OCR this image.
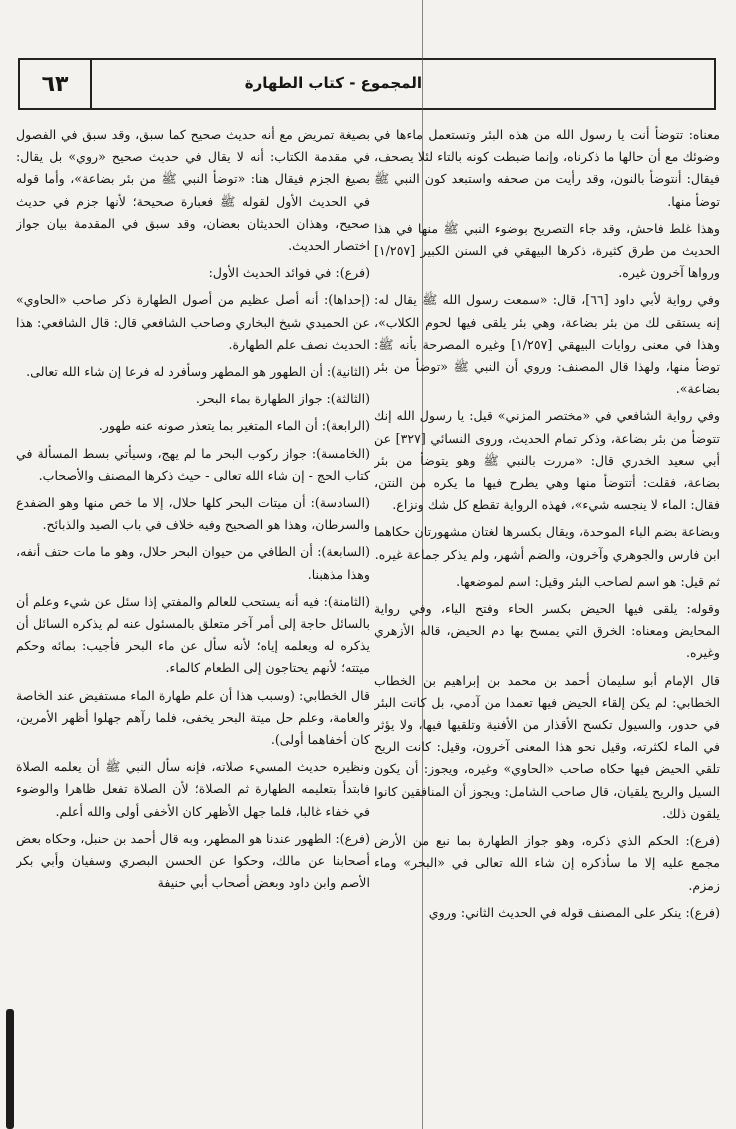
٦٣	المجموع - كتاب الطهارة

معناه: تتوضأ أنت يا رسول الله من هذه البئر وتستعمل ماءها في وضوئك مع أن حالها ما ذكرناه، وإنما ضبطت كونه بالتاء لئلا يصحف، فيقال: أنتوضأ بالنون، وقد رأيت من صحفه واستبعد كون النبي ﷺ توضأ منها.

وهذا غلط فاحش، وقد جاء التصريح بوضوء النبي ﷺ منها في هذا الحديث من طرق كثيرة، ذكرها البيهقي في السنن الكبير [١/٢٥٧] ورواها آخرون غيره.

وفي رواية لأبي داود [٦٦]، قال: «سمعت رسول الله ﷺ يقال له: إنه يستقى لك من بئر بضاعة، وهي بئر يلقى فيها لحوم الكلاب»، وهذا في معنى روايات البيهقي [١/٢٥٧] وغيره المصرحة بأنه ﷺ: توضأ منها، ولهذا قال المصنف: وروي أن النبي ﷺ «توضأ من بئر بضاعة».

وفي رواية الشافعي في «مختصر المزني» قيل: يا رسول الله إنك تتوضأ من بئر بضاعة، وذكر تمام الحديث، وروى النسائي [٣٢٧] عن أبي سعيد الخدري قال: «مررت بالنبي ﷺ وهو يتوضأ من بئر بضاعة، فقلت: أتتوضأ منها وهي يطرح فيها ما يكره من النتن، فقال: الماء لا ينجسه شيء»، فهذه الرواية تقطع كل شك ونزاع.

وبضاعة بضم الباء الموحدة، ويقال بكسرها لغتان مشهورتان حكاهما ابن فارس والجوهري وآخرون، والضم أشهر، ولم يذكر جماعة غيره.

ثم قيل: هو اسم لصاحب البئر وقيل: اسم لموضعها.

وقوله: يلقى فيها الحيض بكسر الحاء وفتح الياء، وفي رواية المحايض ومعناه: الخرق التي يمسح بها دم الحيض، قاله الأزهري وغيره.

قال الإمام أبو سليمان أحمد بن محمد بن إبراهيم بن الخطاب الخطابي: لم يكن إلقاء الحيض فيها تعمدا من آدمي، بل كانت البئر في حدور، والسيول تكسح الأقذار من الأفنية وتلقيها فيها، ولا يؤثر في الماء لكثرته، وقيل نحو هذا المعنى آخرون، وقيل: كانت الريح تلقي الحيض فيها حكاه صاحب «الحاوي» وغيره، ويجوز: أن يكون السيل والريح يلقيان، قال صاحب الشامل: ويجوز أن المنافقين كانوا يلقون ذلك.

(فرع): الحكم الذي ذكره، وهو جواز الطهارة بما نبع من الأرض مجمع عليه إلا ما سأذكره إن شاء الله تعالى في «البحر» وماء زمزم.

(فرع): ينكر على المصنف قوله في الحديث الثاني: وروي

بصيغة تمريض مع أنه حديث صحيح كما سبق، وقد سبق في الفصول في مقدمة الكتاب: أنه لا يقال في حديث صحيح «روي» بل يقال: بصيغ الجزم فيقال هنا: «توضأ النبي ﷺ من بئر بضاعة»، وأما قوله في الحديث الأول لقوله ﷺ فعبارة صحيحة؛ لأنها جزم في حديث صحيح، وهذان الحديثان بعضان، وقد سبق في المقدمة بيان جواز اختصار الحديث.

(فرع): في فوائد الحديث الأول:

(إحداها): أنه أصل عظيم من أصول الطهارة ذكر صاحب «الحاوي» عن الحميدي شيخ البخاري وصاحب الشافعي قال: قال الشافعي: هذا الحديث نصف علم الطهارة.

(الثانية): أن الطهور هو المطهر وسأفرد له فرعا إن شاء الله تعالى.

(الثالثة): جواز الطهارة بماء البحر.

(الرابعة): أن الماء المتغير بما يتعذر صونه عنه طهور.

(الخامسة): جواز ركوب البحر ما لم يهج، وسيأتي بسط المسألة في كتاب الحج - إن شاء الله تعالى - حيث ذكرها المصنف والأصحاب.

(السادسة): أن ميتات البحر كلها حلال، إلا ما خص منها وهو الضفدع والسرطان، وهذا هو الصحيح وفيه خلاف في باب الصيد والذبائح.

(السابعة): أن الطافي من حيوان البحر حلال، وهو ما مات حتف أنفه، وهذا مذهبنا.

(الثامنة): فيه أنه يستحب للعالم والمفتي إذا سئل عن شيء وعلم أن بالسائل حاجة إلى أمر آخر متعلق بالمسئول عنه لم يذكره السائل أن يذكره له ويعلمه إياه؛ لأنه سأل عن ماء البحر فأجيب: بمائه وحكم ميتته؛ لأنهم يحتاجون إلى الطعام كالماء.

قال الخطابي: (وسبب هذا أن علم طهارة الماء مستفيض عند الخاصة والعامة، وعلم حل ميتة البحر يخفى، فلما رآهم جهلوا أظهر الأمرين، كان أخفاهما أولى).

ونظيره حديث المسيء صلاته، فإنه سأل النبي ﷺ أن يعلمه الصلاة فابتدأ بتعليمه الطهارة ثم الصلاة؛ لأن الصلاة تفعل ظاهرا والوضوء في خفاء غالبا، فلما جهل الأظهر كان الأخفى أولى والله أعلم.

(فرع): الطهور عندنا هو المطهر، وبه قال أحمد بن حنبل، وحكاه بعض أصحابنا عن مالك، وحكوا عن الحسن البصري وسفيان وأبي بكر الأصم وابن داود وبعض أصحاب أبي حنيفة
